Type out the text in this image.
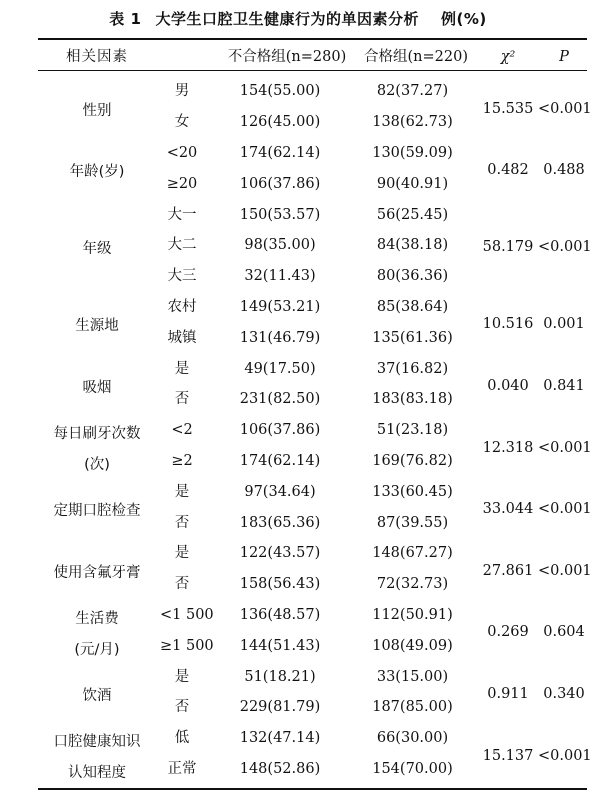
表 1 大学生口腔卫生健康行为的单因素分析 例(%)
相关因素	不合格组(n=280)	合格组(n=220)	χ²	P
性别
男	154(55.00)	82(37.27)
女	126(45.00)	138(62.73)
15.535 <0.001
年龄(岁)
<20	174(62.14)	130(59.09)
≥20	106(37.86)	90(40.91)
0.482 0.488
年级
大一	150(53.57)	56(25.45)
大二	98(35.00)	84(38.18)
大三	32(11.43)	80(36.36)
58.179 <0.001
生源地
农村	149(53.21)	85(38.64)
城镇	131(46.79)	135(61.36)
10.516 0.001
吸烟
是	49(17.50)	37(16.82)
否	231(82.50)	183(83.18)
0.040 0.841
每日刷牙次数
(次)
<2	106(37.86)	51(23.18)
≥2	174(62.14)	169(76.82)
12.318 <0.001
定期口腔检查
是	97(34.64)	133(60.45)
否	183(65.36)	87(39.55)
33.044 <0.001
使用含氟牙膏
是	122(43.57)	148(67.27)
否	158(56.43)	72(32.73)
27.861 <0.001
生活费
(元/月)
<1 500	136(48.57)	112(50.91)
≥1 500	144(51.43)	108(49.09)
0.269 0.604
饮酒
是	51(18.21)	33(15.00)
否	229(81.79)	187(85.00)
0.911 0.340
口腔健康知识
认知程度
低	132(47.14)	66(30.00)
正常	148(52.86)	154(70.00)
15.137 <0.001
